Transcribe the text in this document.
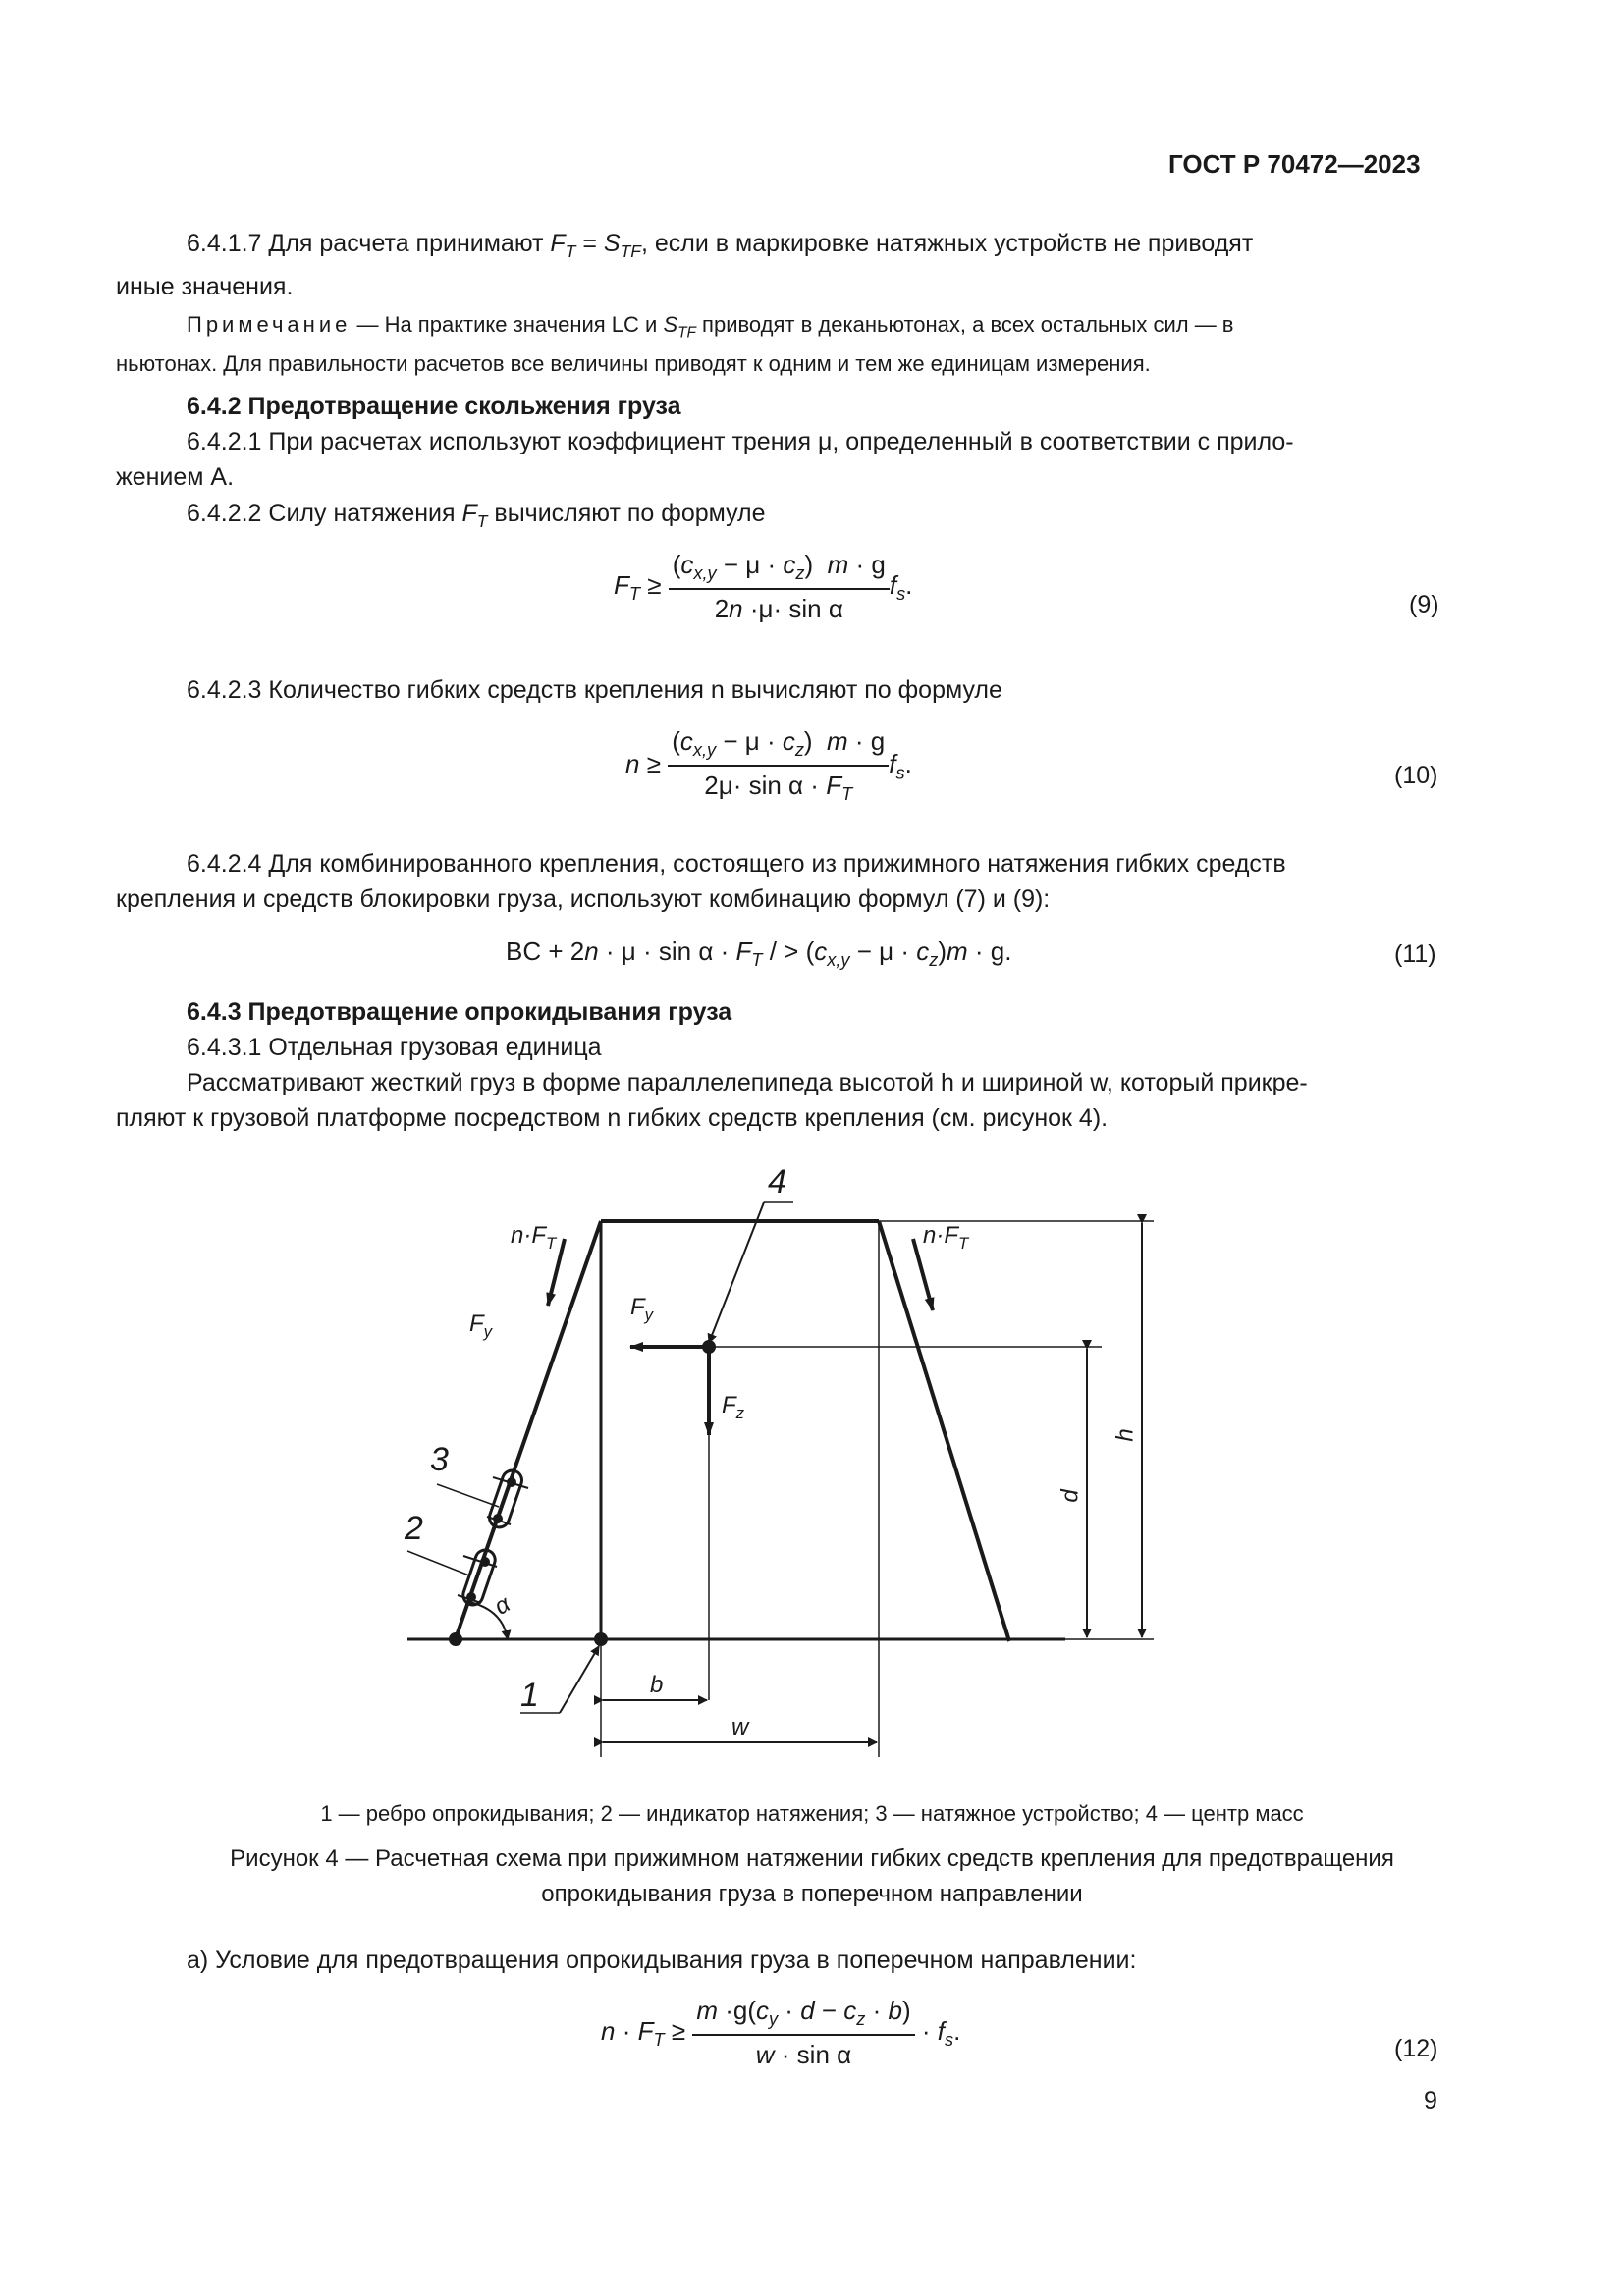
ГОСТ Р 70472—2023
6.4.1.7 Для расчета принимают $F_T = S_{TF}$, если в маркировке натяжных устройств не приводят
иные значения.
Примечание — На практике значения LC и $S_{TF}$ приводят в деканьютонах, а всех остальных сил — в
ньютонах. Для правильности расчетов все величины приводят к одним и тем же единицам измерения.
6.4.2 Предотвращение скольжения груза
6.4.2.1 При расчетах используют коэффициент трения μ, определенный в соответствии с прило-
жением А.
6.4.2.2 Силу натяжения $F_T$ вычисляют по формуле
$F_T \ge \frac{(c_{x,y} - \mu \cdot c_z) m \cdot g}{\text{2n ·μ· sin α}} f_s$.
(9)
6.4.2.3 Количество гибких средств крепления n вычисляют по формуле
$n \ge \frac{(c_{x,y} - \mu \cdot c_z) m \cdot g}{2\mu\cdot \sin \alpha \cdot F_T} f_s$.	(10)
6.4.2.4 Для комбинированного крепления, состоящего из прижимного натяжения гибких средств
крепления и средств блокировки груза, используют комбинацию формул (7) и (9):
BC + $2n \cdot \mu \cdot \sin \alpha \cdot F_T$ / > $(c_{x,y} - \mu \cdot c_z)m \cdot g$.	(11)
6.4.3 Предотвращение опрокидывания груза
6.4.3.1 Отдельная грузовая единица
Рассматривают жесткий груз в форме параллелепипеда высотой h и шириной w, который прикре-
пляют к грузовой платформе посредством n гибких средств крепления (см. рисунок 4).
4
3
2
1
$n\cdot F_T$	$n\cdot F_T$
$F_y$
$F_y$
$F_z$
α
h
d
b
w
1 — ребро опрокидывания; 2 — индикатор натяжения; 3 — натяжное устройство; 4 — центр масс
Рисунок 4 — Расчетная схема при прижимном натяжении гибких средств крепления для предотвращения
опрокидывания груза в поперечном направлении
a) Условие для предотвращения опрокидывания груза в поперечном направлении:
$n \cdot F_T \ge \frac{m \cdot g(c_y \cdot d - c_z \cdot b)}{\text{w · sin α}} \cdot f_s$.
(12)
9
